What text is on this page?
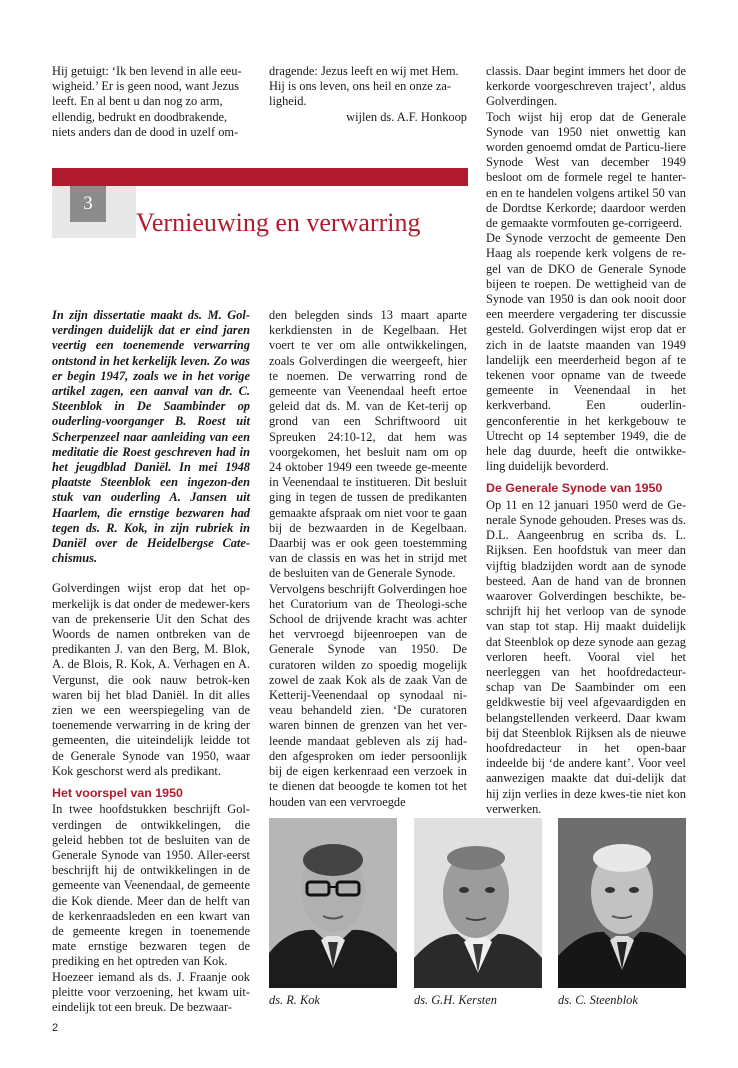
Hij getuigt: ‘Ik ben levend in alle eeu-wigheid.’ Er is geen nood, want Jezus leeft. En al bent u dan nog zo arm, ellendig, bedrukt en doodbrakende, niets anders dan de dood in uzelf om-
dragende: Jezus leeft en wij met Hem. Hij is ons leven, ons heil en onze za-ligheid.

wijlen ds. A.F. Honkoop

3
Vernieuwing en verwarring
In zijn dissertatie maakt ds. M. Gol-verdingen duidelijk dat er eind jaren veertig een toenemende verwarring ontstond in het kerkelijk leven. Zo was er begin 1947, zoals we in het vorige artikel zagen, een aanval van dr. C. Steenblok in De Saambinder op ouderling-voorganger B. Roest uit Scherpenzeel naar aanleiding van een meditatie die Roest geschreven had in het jeugdblad Daniël. In mei 1948 plaatste Steenblok een ingezon-den stuk van ouderling A. Jansen uit Haarlem, die ernstige bezwaren had tegen ds. R. Kok, in zijn rubriek in Daniël over de Heidelbergse Cate-chismus.
Golverdingen wijst erop dat het op-merkelijk is dat onder de medewer-kers van de prekenserie Uit den Schat des Woords de namen ontbreken van de predikanten J. van den Berg, M. Blok, A. de Blois, R. Kok, A. Verhagen en A. Vergunst, die ook nauw betrok-ken waren bij het blad Daniël. In dit alles zien we een weerspiegeling van de toenemende verwarring in de kring der gemeenten, die uiteindelijk leidde tot de Generale Synode van 1950, waar Kok geschorst werd als predikant.
Het voorspel van 1950
In twee hoofdstukken beschrijft Gol-verdingen de ontwikkelingen, die geleid hebben tot de besluiten van de Generale Synode van 1950. Aller-eerst beschrijft hij de ontwikkelingen in de gemeente van Veenendaal, de gemeente die Kok diende. Meer dan de helft van de kerkenraadsleden en een kwart van de gemeente kregen in toenemende mate ernstige bezwaren tegen de prediking en het optreden van Kok.
Hoezeer iemand als ds. J. Fraanje ook pleitte voor verzoening, het kwam uit-eindelijk tot een breuk. De bezwaar-
den belegden sinds 13 maart aparte kerkdiensten in de Kegelbaan. Het voert te ver om alle ontwikkelingen, zoals Golverdingen die weergeeft, hier te noemen. De verwarring rond de gemeente van Veenendaal heeft ertoe geleid dat ds. M. van de Ket-terij op grond van een Schriftwoord uit Spreuken 24:10-12, dat hem was voorgekomen, het besluit nam om op 24 oktober 1949 een tweede ge-meente in Veenendaal te institueren. Dit besluit ging in tegen de tussen de predikanten gemaakte afspraak om niet voor te gaan bij de bezwaarden in de Kegelbaan. Daarbij was er ook geen toestemming van de classis en was het in strijd met de besluiten van de Generale Synode.
Vervolgens beschrijft Golverdingen hoe het Curatorium van de Theologi-sche School de drijvende kracht was achter het vervroegd bijeenroepen van de Generale Synode van 1950. De curatoren wilden zo spoedig mogelijk zowel de zaak Kok als de zaak Van de Ketterij-Veenendaal op synodaal ni-veau behandeld zien. ‘De curatoren waren binnen de grenzen van het ver-leende mandaat gebleven als zij had-den afgesproken om ieder persoonlijk bij de eigen kerkenraad een verzoek in te dienen dat beoogde te komen tot het houden van een vervroegde
classis. Daar begint immers het door de kerkorde voorgeschreven traject’, aldus Golverdingen.
Toch wijst hij erop dat de Generale Synode van 1950 niet onwettig kan worden genoemd omdat de Particu-liere Synode West van december 1949 besloot om de formele regel te hanter-en en te handelen volgens artikel 50 van de Dordtse Kerkorde; daardoor werden de gemaakte vormfouten ge-corrigeerd.
De Synode verzocht de gemeente Den Haag als roepende kerk volgens de re-gel van de DKO de Generale Synode bijeen te roepen. De wettigheid van de Synode van 1950 is dan ook nooit door een meerdere vergadering ter discussie gesteld. Golverdingen wijst erop dat er zich in de laatste maanden van 1949 landelijk een meerderheid begon af te tekenen voor opname van de tweede gemeente in Veenendaal in het kerkverband. Een ouderlin-genconferentie in het kerkgebouw te Utrecht op 14 september 1949, die de hele dag duurde, heeft die ontwikke-ling duidelijk bevorderd.
De Generale Synode van 1950
Op 11 en 12 januari 1950 werd de Ge-nerale Synode gehouden. Preses was ds. D.L. Aangeenbrug en scriba ds. L. Rijksen. Een hoofdstuk van meer dan vijftig bladzijden wordt aan de synode besteed. Aan de hand van de bronnen waarover Golverdingen beschikte, be-schrijft hij het verloop van de synode van stap tot stap. Hij maakt duidelijk dat Steenblok op deze synode aan gezag verloren heeft. Vooral viel het neerleggen van het hoofdredacteur-schap van De Saambinder om een geldkwestie bij veel afgevaardigden en belangstellenden verkeerd. Daar kwam bij dat Steenblok Rijksen als de nieuwe hoofdredacteur in het open-baar indeelde bij ‘de andere kant’. Voor veel aanwezigen maakte dat dui-delijk dat hij zijn verlies in deze kwes-tie niet kon verwerken.
ds. R. Kok	ds. G.H. Kersten	ds. C. Steenblok
2
